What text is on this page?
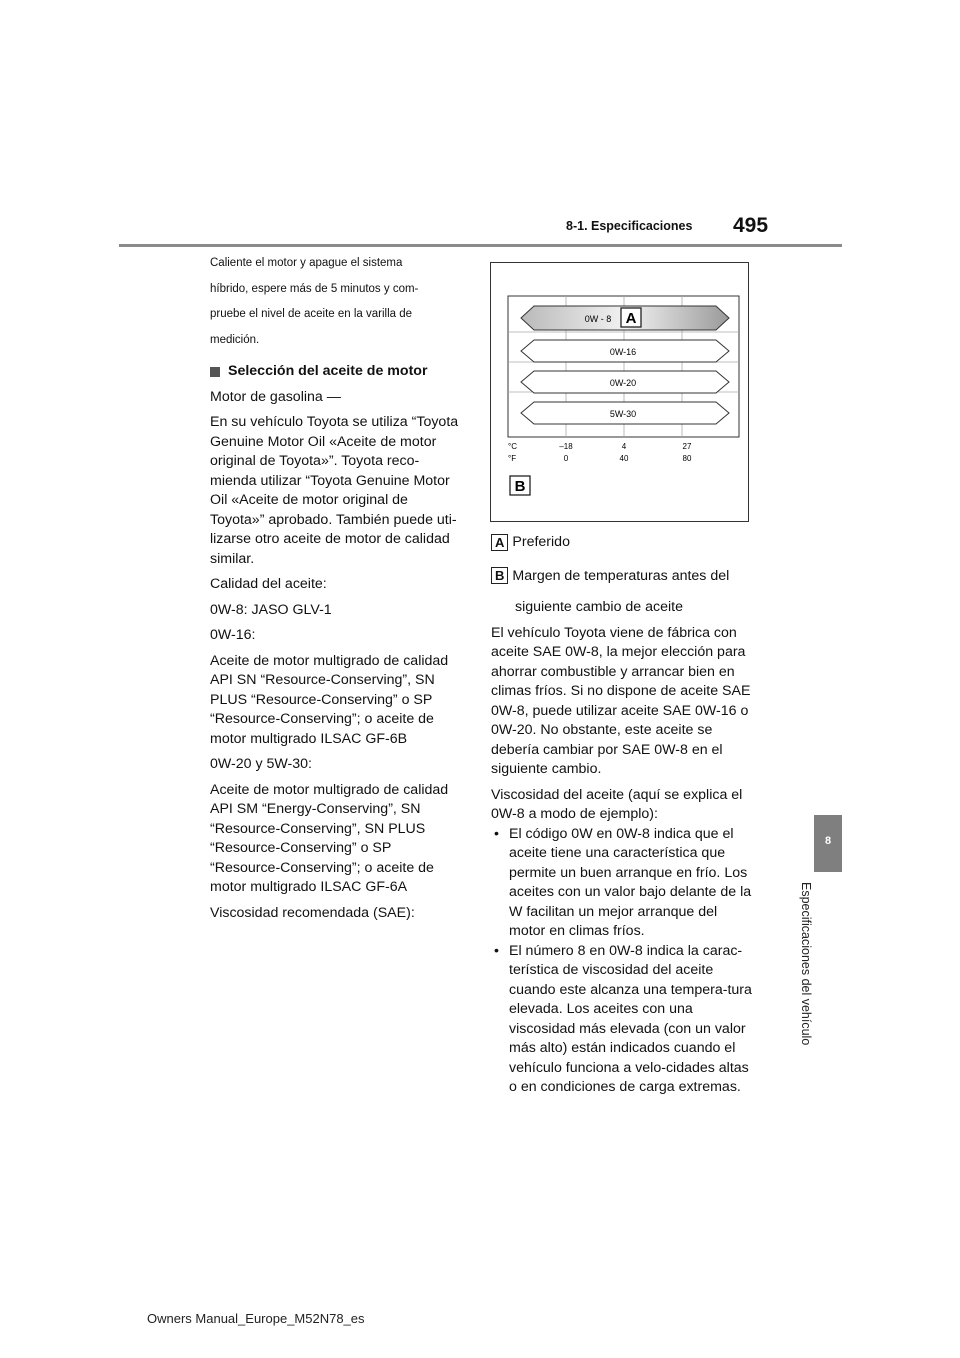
8-1. Especificaciones 495
8
Especificaciones del vehículo

Caliente el motor y apague el sistema

híbrido, espere más de 5 minutos y com-

pruebe el nivel de aceite en la varilla de

medición.

Selección del aceite de motor

Motor de gasolina —

En su vehículo Toyota se utiliza “Toyota Genuine Motor Oil «Aceite de motor original de Toyota»”. Toyota reco-mienda utilizar “Toyota Genuine Motor Oil «Aceite de motor original de Toyota»” aprobado. También puede uti-lizarse otro aceite de motor de calidad similar.

Calidad del aceite:

0W-8: JASO GLV-1

0W-16:

Aceite de motor multigrado de calidad API SN “Resource-Conserving”, SN PLUS “Resource-Conserving” o SP “Resource-Conserving”; o aceite de motor multigrado ILSAC GF-6B

0W-20 y 5W-30:

Aceite de motor multigrado de calidad API SM “Energy-Conserving”, SN “Resource-Conserving”, SN PLUS “Resource-Conserving” o SP “Resource-Conserving”; o aceite de motor multigrado ILSAC GF-6A

Viscosidad recomendada (SAE):

0W - 8 A
0W-16
0W-20
5W-30
°C
°F
–18	4	27
0	40	80
B

A Preferido

B Margen de temperaturas antes del

siguiente cambio de aceite

El vehículo Toyota viene de fábrica con aceite SAE 0W-8, la mejor elección para ahorrar combustible y arrancar bien en climas fríos. Si no dispone de aceite SAE 0W-8, puede utilizar aceite SAE 0W-16 o 0W-20. No obstante, este aceite se debería cambiar por SAE 0W-8 en el siguiente cambio.

Viscosidad del aceite (aquí se explica el 0W-8 a modo de ejemplo):

• El código 0W en 0W-8 indica que el aceite tiene una característica que permite un buen arranque en frío. Los aceites con un valor bajo delante de la W facilitan un mejor arranque del motor en climas fríos.
• El número 8 en 0W-8 indica la carac-terística de viscosidad del aceite cuando este alcanza una tempera-tura elevada. Los aceites con una viscosidad más elevada (con un valor más alto) están indicados cuando el vehículo funciona a velo-cidades altas o en condiciones de carga extremas.
Owners Manual_Europe_M52N78_es
